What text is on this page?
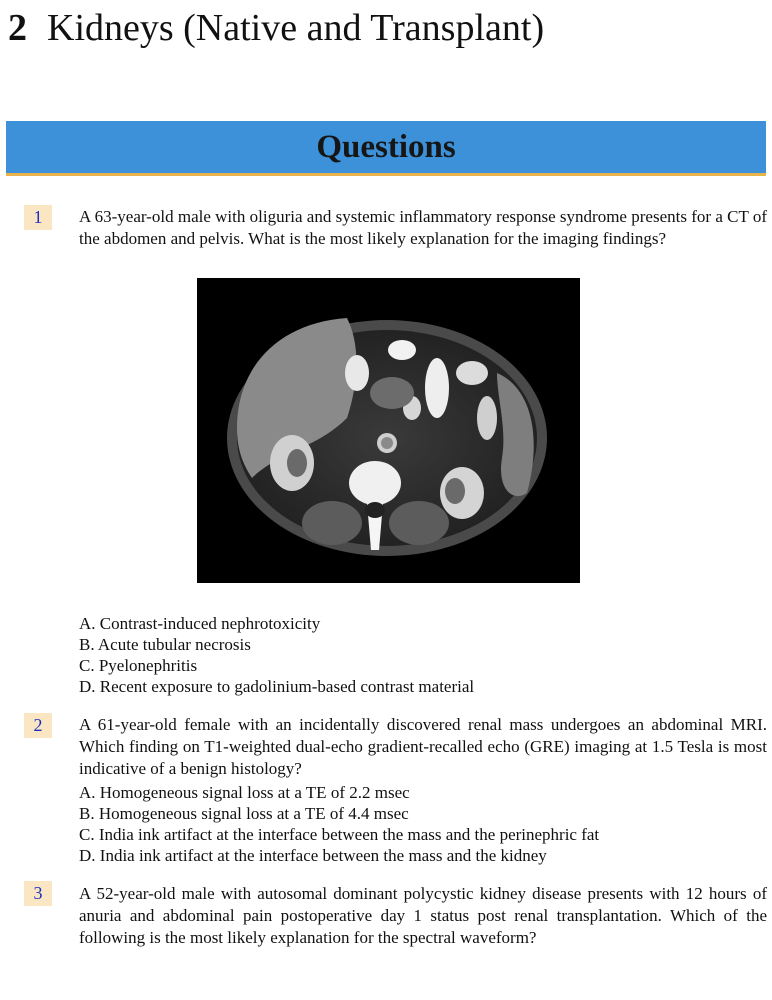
2 Kidneys (Native and Transplant)
Questions
1	A 63-year-old male with oliguria and systemic inflammatory response syndrome presents for a CT of the abdomen and pelvis. What is the most likely explanation for the imaging findings?
A. Contrast-induced nephrotoxicity
B. Acute tubular necrosis
C. Pyelonephritis
D. Recent exposure to gadolinium-based contrast material
2	A 61-year-old female with an incidentally discovered renal mass undergoes an abdominal MRI. Which finding on T1-weighted dual-echo gradient-recalled echo (GRE) imaging at 1.5 Tesla is most indicative of a benign histology?
A. Homogeneous signal loss at a TE of 2.2 msec
B. Homogeneous signal loss at a TE of 4.4 msec
C. India ink artifact at the interface between the mass and the perinephric fat
D. India ink artifact at the interface between the mass and the kidney
3	A 52-year-old male with autosomal dominant polycystic kidney disease presents with 12 hours of anuria and abdominal pain postoperative day 1 status post renal transplantation. Which of the following is the most likely explanation for the spectral waveform?
